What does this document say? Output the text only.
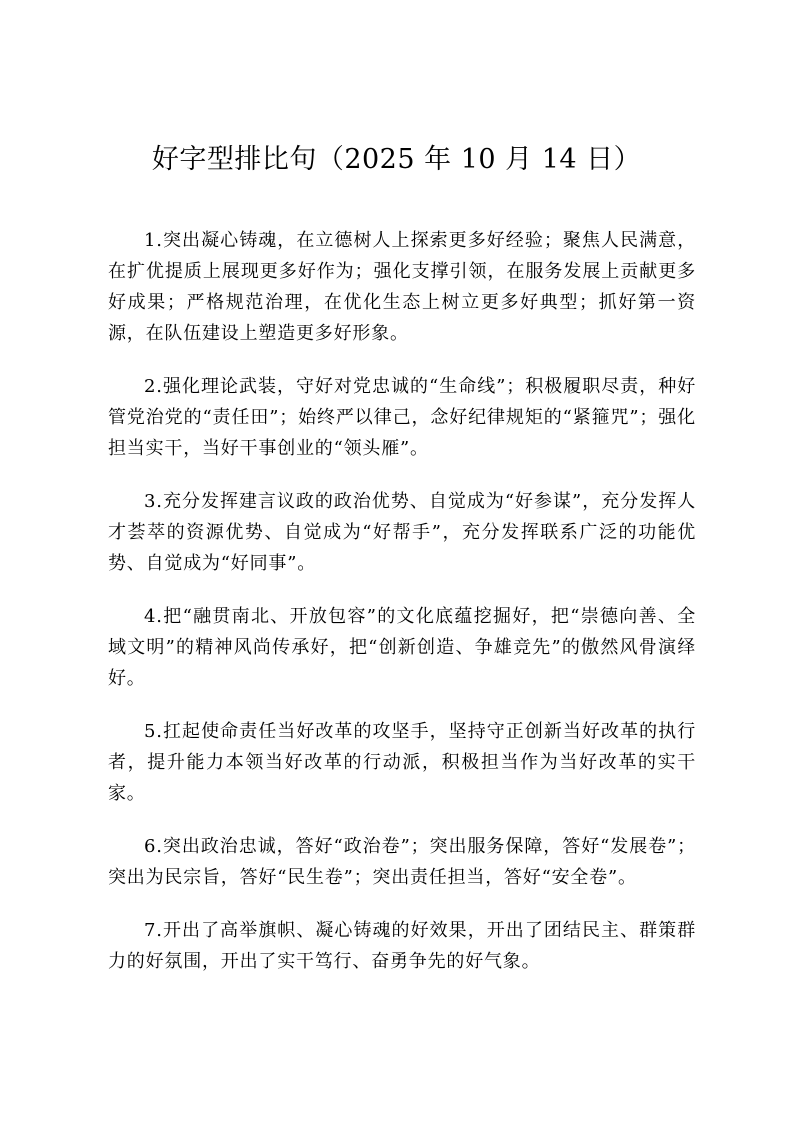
好字型排比句（2025 年 10 月 14 日）

1.突出凝心铸魂，在立德树人上探索更多好经验；聚焦人民满意，在扩优提质上展现更多好作为；强化支撑引领，在服务发展上贡献更多好成果；严格规范治理，在优化生态上树立更多好典型；抓好第一资源，在队伍建设上塑造更多好形象。

2.强化理论武装，守好对党忠诚的“生命线”；积极履职尽责，种好管党治党的“责任田”；始终严以律己，念好纪律规矩的“紧箍咒”；强化担当实干，当好干事创业的“领头雁”。

3.充分发挥建言议政的政治优势、自觉成为“好参谋”，充分发挥人才荟萃的资源优势、自觉成为“好帮手”，充分发挥联系广泛的功能优势、自觉成为“好同事”。

4.把“融贯南北、开放包容”的文化底蕴挖掘好，把“崇德向善、全域文明”的精神风尚传承好，把“创新创造、争雄竞先”的傲然风骨演绎好。

5.扛起使命责任当好改革的攻坚手，坚持守正创新当好改革的执行者，提升能力本领当好改革的行动派，积极担当作为当好改革的实干家。

6.突出政治忠诚，答好“政治卷”；突出服务保障，答好“发展卷”；突出为民宗旨，答好“民生卷”；突出责任担当，答好“安全卷”。

7.开出了高举旗帜、凝心铸魂的好效果，开出了团结民主、群策群力的好氛围，开出了实干笃行、奋勇争先的好气象。
